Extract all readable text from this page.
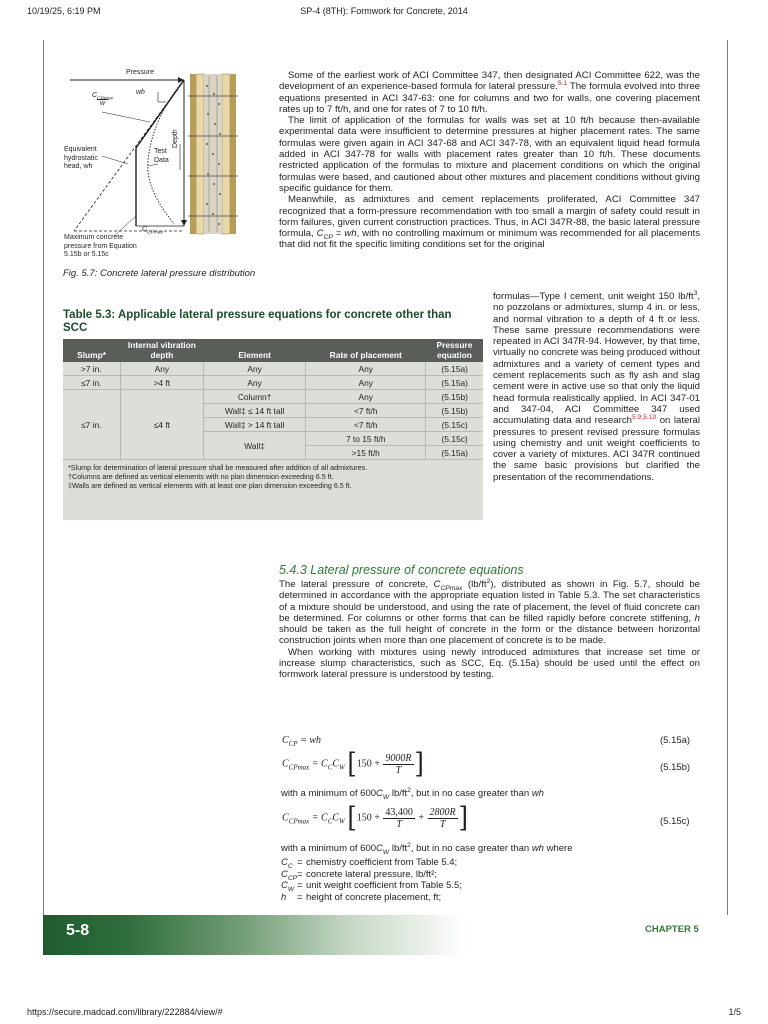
10/19/25, 6:19 PM	SP-4 (8TH): Formwork for Concrete, 2014
https://secure.madcad.com/library/222884/view/#	1/5
Pressure
$C_{CPmax}$
w
wh
Equivalent
hydrostatic
head, wh
Test
Data
Depth
$C_{CPmax}$
Maximum concrete
pressure from Equation
5.15b or 5.15c
Fig. 5.7: Concrete lateral pressure distribution

Some of the earliest work of ACI Committee 347, then designated ACI Committee 622, was the development of an experience-based formula for lateral pressure.$^{5.1}$ The formula evolved into three equations presented in ACI 347-63: one for columns and two for walls, one covering placement rates up to 7 ft/h, and one for rates of 7 to 10 ft/h.

The limit of application of the formulas for walls was set at 10 ft/h because then-available experimental data were insufficient to determine pressures at higher placement rates. The same formulas were given again in ACI 347-68 and ACI 347-78, with an equivalent liquid head formula added in ACI 347-78 for walls with placement rates greater than 10 ft/h. These documents restricted application of the formulas to mixture and placement conditions on which the original formulas were based, and cautioned about other mixtures and placement conditions without giving specific guidance for them.

Meanwhile, as admixtures and cement replacements proliferated, ACI Committee 347 recognized that a form-pressure recommendation with too small a margin of safety could result in form failures, given current construction practices. Thus, in ACI 347R-88, the basic lateral pressure formula, $C_{CP}$ = wh, with no controlling maximum or minimum was recommended for all placements that did not fit the specific limiting conditions set for the original

formulas—Type I cement, unit weight 150 $lb/ft^3$, no pozzolans or admixtures, slump 4 in. or less, and normal vibration to a depth of 4 ft or less. These same pressure recommendations were repeated in ACI 347R-94. However, by that time, virtually no concrete was being produced without admixtures and a variety of cement types and cement replacements such as fly ash and slag cement were in active use so that only the liquid head formula realistically applied. In ACI 347-01 and 347-04, ACI Committee 347 used accumulating data and research$^{5.9,5.10}$ on lateral pressures to present revised pressure formulas using chemistry and unit weight coefficients to cover a variety of mixtures. ACI 347R continued the same basic provisions but clarified the presentation of the recommendations.

Table 5.3: Applicable lateral pressure equations for concrete other than SCC
Slump*	Internal vibration depth	Element	Rate of placement	Pressure equation
>7 in.	Any	Any	Any	(5.15a)
≤7 in.	>4 ft	Any	Any	(5.15a)
≤7 in.	≤4 ft	Column†	Any	(5.15b)
		Wall‡ ≤ 14 ft tall	<7 ft/h	(5.15b)
		Wall‡ > 14 ft tall	<7 ft/h	(5.15c)
		Wall‡	7 to 15 ft/h	(5.15c)
			>15 ft/h	(5.15a)
*Slump for determination of lateral pressure shall be measured after addition of all admixtures.
†Columns are defined as vertical elements with no plan dimension exceeding 6.5 ft.
‡Walls are defined as vertical elements with at least one plan dimension exceeding 6.5 ft.
5.4.3 Lateral pressure of concrete equations

The lateral pressure of concrete, $C_{CPmax}$ $(lb/ft^2)$, distributed as shown in Fig. 5.7, should be determined in accordance with the appropriate equation listed in Table 5.3. The set characteristics of a mixture should be understood, and using the rate of placement, the level of fluid concrete can be determined. For columns or other forms that can be filled rapidly before concrete stiffening, h should be taken as the full height of concrete in the form or the distance between horizontal construction joints when more than one placement of concrete is to be made.

When working with mixtures using newly introduced admixtures that increase set time or increase slump characteristics, such as SCC, Eq. (5.15a) should be used until the effect on formwork lateral pressure is understood by testing.

$C_{CP}$ = wh	(5.15a)
$C_{CPmax} = C_CC_W$ [$150 + \frac{9000R}{T}$ ]	(5.15b)
with a minimum of $600C_W$ $lb/ft^2$, but in no case greater than wh
$C_{CPmax} = C_CC_W$ [$150 + \frac{43,400}{T} + \frac{2800R}{T}$ ]	(5.15c)
with a minimum of $600C_W$ $lb/ft^2$, but in no case greater than wh where
$C_C$ = chemistry coefficient from Table 5.4;
$C_{CP}$ = concrete lateral pressure, lb/ft²;
$C_W$ = unit weight coefficient from Table 5.5;
h	= height of concrete placement, ft;
5-8	CHAPTER 5
